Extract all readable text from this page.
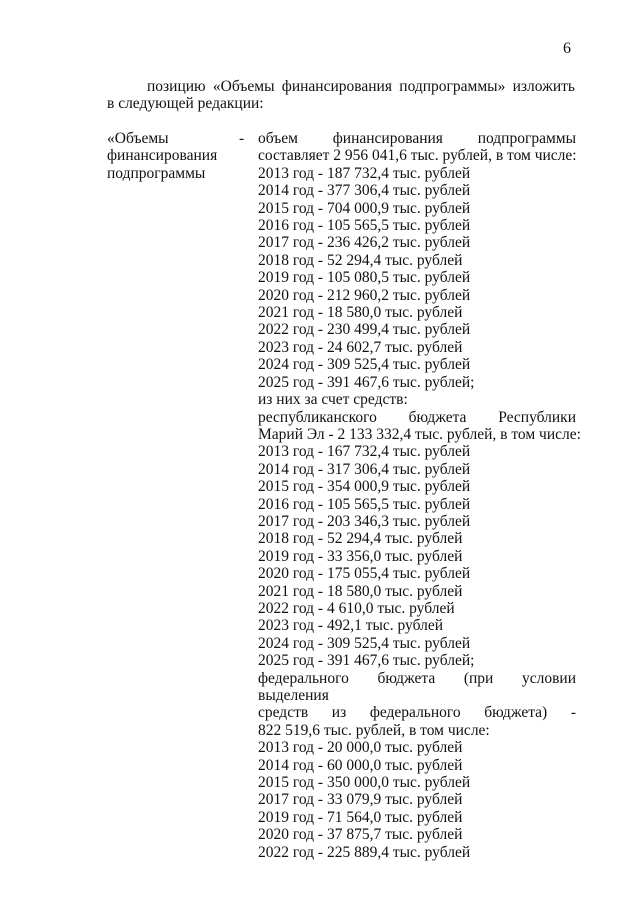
6
позицию «Объемы финансирования подпрограммы» изложить
в следующей редакции:
«Объемы
финансирования
подпрограммы
- объем финансирования подпрограммы
составляет 2 956 041,6 тыс. рублей, в том числе:
2013 год - 187 732,4 тыс. рублей
2014 год - 377 306,4 тыс. рублей
2015 год - 704 000,9 тыс. рублей
2016 год - 105 565,5 тыс. рублей
2017 год - 236 426,2 тыс. рублей
2018 год - 52 294,4 тыс. рублей
2019 год - 105 080,5 тыс. рублей
2020 год - 212 960,2 тыс. рублей
2021 год - 18 580,0 тыс. рублей
2022 год - 230 499,4 тыс. рублей
2023 год - 24 602,7 тыс. рублей
2024 год - 309 525,4 тыс. рублей
2025 год - 391 467,6 тыс. рублей;
из них за счет средств:
республиканского бюджета Республики
Марий Эл - 2 133 332,4 тыс. рублей, в том числе:
2013 год - 167 732,4 тыс. рублей
2014 год - 317 306,4 тыс. рублей
2015 год - 354 000,9 тыс. рублей
2016 год - 105 565,5 тыс. рублей
2017 год - 203 346,3 тыс. рублей
2018 год - 52 294,4 тыс. рублей
2019 год - 33 356,0 тыс. рублей
2020 год - 175 055,4 тыс. рублей
2021 год - 18 580,0 тыс. рублей
2022 год - 4 610,0 тыс. рублей
2023 год - 492,1 тыс. рублей
2024 год - 309 525,4 тыс. рублей
2025 год - 391 467,6 тыс. рублей;
федерального бюджета (при условии выделения
средств из федерального бюджета) -
822 519,6 тыс. рублей, в том числе:
2013 год - 20 000,0 тыс. рублей
2014 год - 60 000,0 тыс. рублей
2015 год - 350 000,0 тыс. рублей
2017 год - 33 079,9 тыс. рублей
2019 год - 71 564,0 тыс. рублей
2020 год - 37 875,7 тыс. рублей
2022 год - 225 889,4 тыс. рублей
